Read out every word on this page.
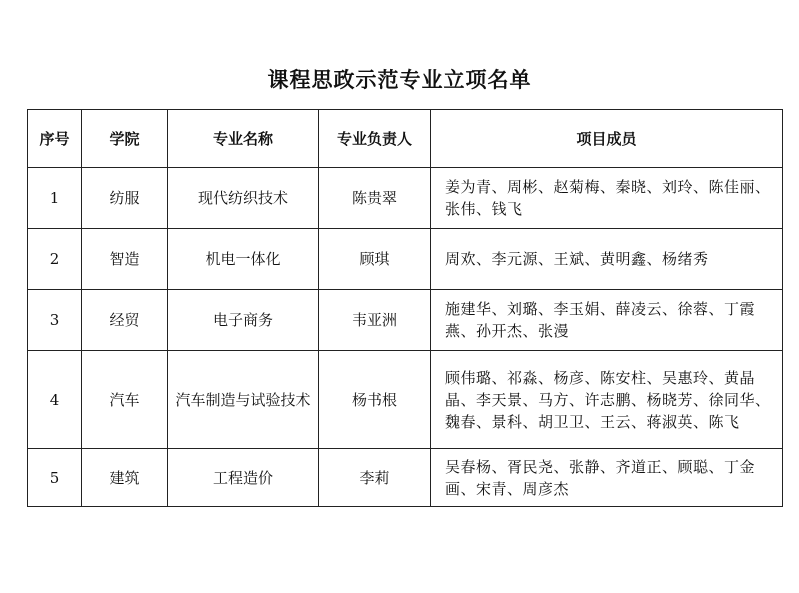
课程思政示范专业立项名单
序号	学院	专业名称	专业负责人	项目成员
1	纺服	现代纺织技术	陈贵翠	姜为青、周彬、赵菊梅、秦晓、刘玲、陈佳丽、张伟、钱飞
2	智造	机电一体化	顾琪	周欢、李元源、王斌、黄明鑫、杨绪秀
3	经贸	电子商务	韦亚洲	施建华、刘璐、李玉娟、薛凌云、徐蓉、丁霞燕、孙开杰、张漫
4	汽车	汽车制造与试验技术	杨书根	顾伟璐、祁淼、杨彦、陈安柱、吴惠玲、黄晶晶、李天景、马方、许志鹏、杨晓芳、徐同华、魏春、景科、胡卫卫、王云、蒋淑英、陈飞
5	建筑	工程造价	李莉	吴春杨、胥民尧、张静、齐道正、顾聪、丁金画、宋青、周彦杰
